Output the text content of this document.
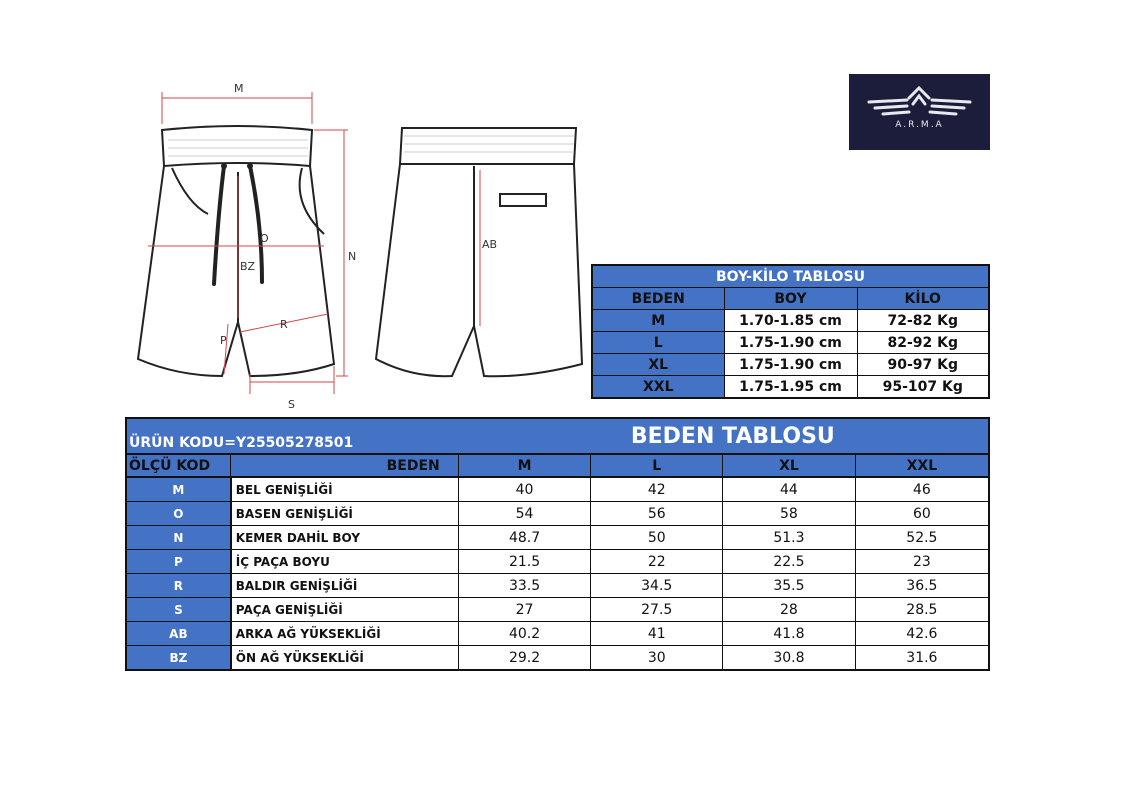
M
O
BZ
N
P
R
S
AB
A.R.M.A
BOY-KİLO TABLOSU		
BEDEN	BOY	KİLO
M	1.70-1.85 cm	72-82 Kg
L	1.75-1.90 cm	82-92 Kg
XL	1.75-1.90 cm	90-97 Kg
XXL	1.75-1.95 cm	95-107 Kg
ÜRÜN KODU=Y25505278501			BEDEN TABLOSU		
ÖLÇÜ KOD	BEDEN	M	L	XL	XXL
M	BEL GENİŞLİĞİ	40	42	44	46
O	BASEN GENİŞLİĞİ	54	56	58	60
N	KEMER DAHİL BOY	48.7	50	51.3	52.5
P	İÇ PAÇA BOYU	21.5	22	22.5	23
R	BALDIR GENİŞLİĞİ	33.5	34.5	35.5	36.5
S	PAÇA GENİŞLİĞİ	27	27.5	28	28.5
AB	ARKA AĞ YÜKSEKLİĞİ	40.2	41	41.8	42.6
BZ	ÖN AĞ YÜKSEKLİĞİ	29.2	30	30.8	31.6
